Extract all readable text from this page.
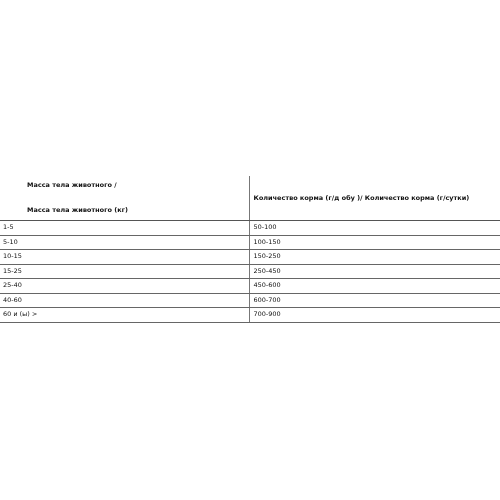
Масса тела животного /
Масса тела животного (кг)	Количество корма (г/д обу )/ Количество корма (г/сутки)
1-5	50-100
5-10	100-150
10-15	150-250
15-25	250-450
25-40	450-600
40-60	600-700
60 и (ы) >	700-900
